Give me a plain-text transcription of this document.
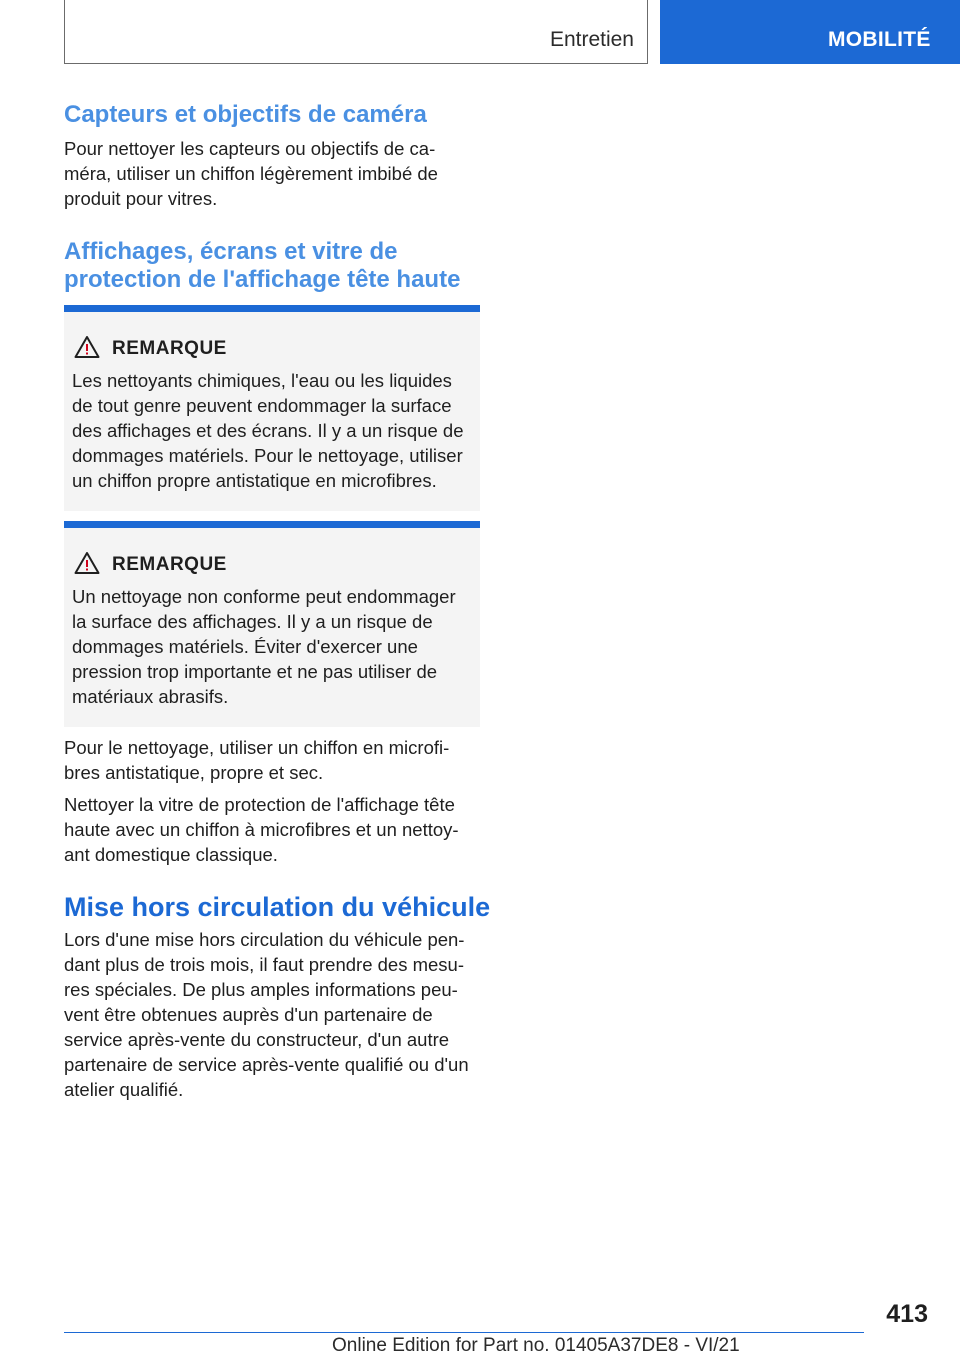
Entretien	MOBILITÉ
Capteurs et objectifs de caméra
Pour nettoyer les capteurs ou objectifs de ca-
méra, utiliser un chiffon légèrement imbibé de
produit pour vitres.
Affichages, écrans et vitre de
protection de l'affichage tête haute
REMARQUE
Les nettoyants chimiques, l'eau ou les liquides
de tout genre peuvent endommager la surface
des affichages et des écrans. Il y a un risque de
dommages matériels. Pour le nettoyage, utiliser
un chiffon propre antistatique en microfibres.
REMARQUE
Un nettoyage non conforme peut endommager
la surface des affichages. Il y a un risque de
dommages matériels. Éviter d'exercer une
pression trop importante et ne pas utiliser de
matériaux abrasifs.
Pour le nettoyage, utiliser un chiffon en microfi-
bres antistatique, propre et sec.
Nettoyer la vitre de protection de l'affichage tête
haute avec un chiffon à microfibres et un nettoy-
ant domestique classique.
Mise hors circulation du véhicule
Lors d'une mise hors circulation du véhicule pen-
dant plus de trois mois, il faut prendre des mesu-
res spéciales. De plus amples informations peu-
vent être obtenues auprès d'un partenaire de
service après-vente du constructeur, d'un autre
partenaire de service après-vente qualifié ou d'un
atelier qualifié.
413
Online Edition for Part no. 01405A37DE8 - VI/21
